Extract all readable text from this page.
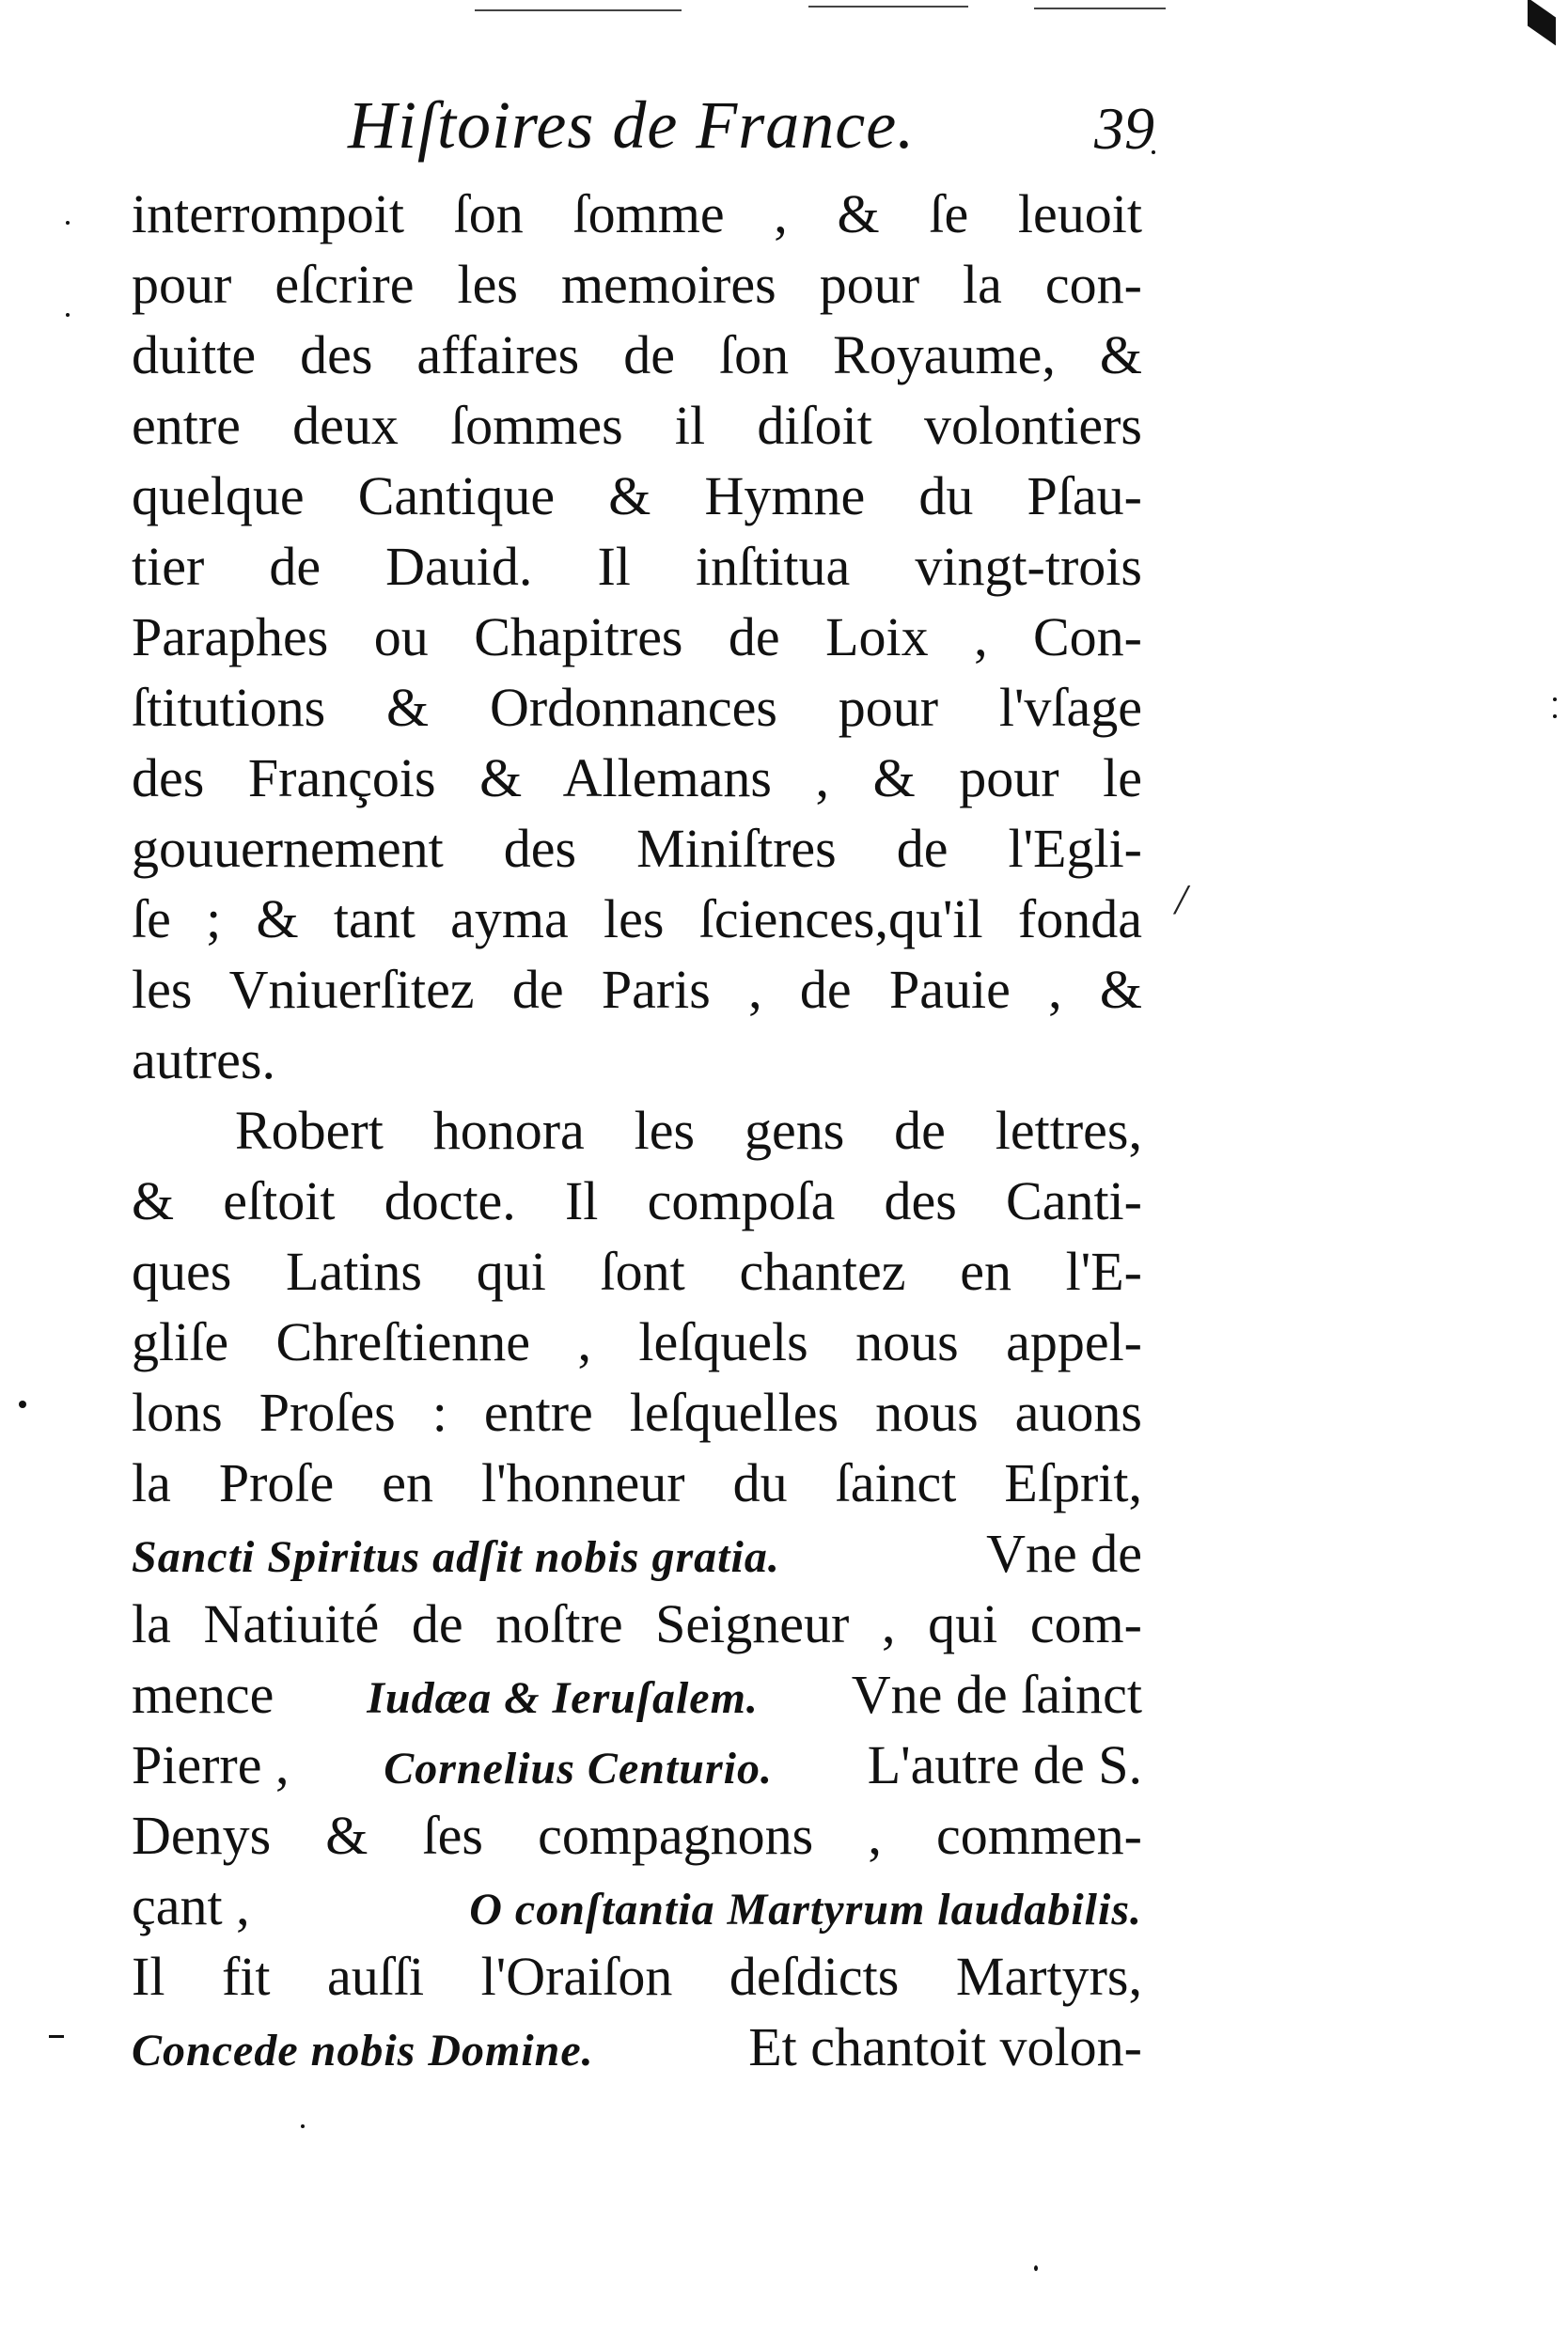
/
Hiſtoires de France.	39
interrompoit ſon ſomme , & ſe leuoit
pour eſcrire les memoires pour la con-
duitte des affaires de ſon Royaume, &
entre deux ſommes il diſoit volontiers
quelque Cantique & Hymne du Pſau-
tier de Dauid. Il inſtitua vingt-trois
Paraphes ou Chapitres de Loix , Con-
ſtitutions & Ordonnances pour l'vſage
des François & Allemans , & pour le
gouuernement des Miniſtres de l'Egli-
ſe ; & tant ayma les ſciences,qu'il fonda
les Vniuerſitez de Paris , de Pauie , &
autres.
Robert honora les gens de lettres,
& eſtoit docte. Il compoſa des Canti-
ques Latins qui ſont chantez en l'E-
gliſe Chreſtienne , leſquels nous appel-
lons Proſes : entre leſquelles nous auons
la Proſe en l'honneur du ſainct Eſprit,
Sancti Spiritus adſit nobis gratia.	Vne de
la Natiuité de noſtre Seigneur , qui com-
mence Iudæa & Ieruſalem. Vne de ſainct
Pierre , Cornelius Centurio. L'autre de S.
Denys & ſes compagnons , commen-
çant ,	O conſtantia Martyrum laudabilis.
Il fit auſſi l'Oraiſon deſdicts Martyrs,
Concede nobis Domine.	Et chantoit volon-
